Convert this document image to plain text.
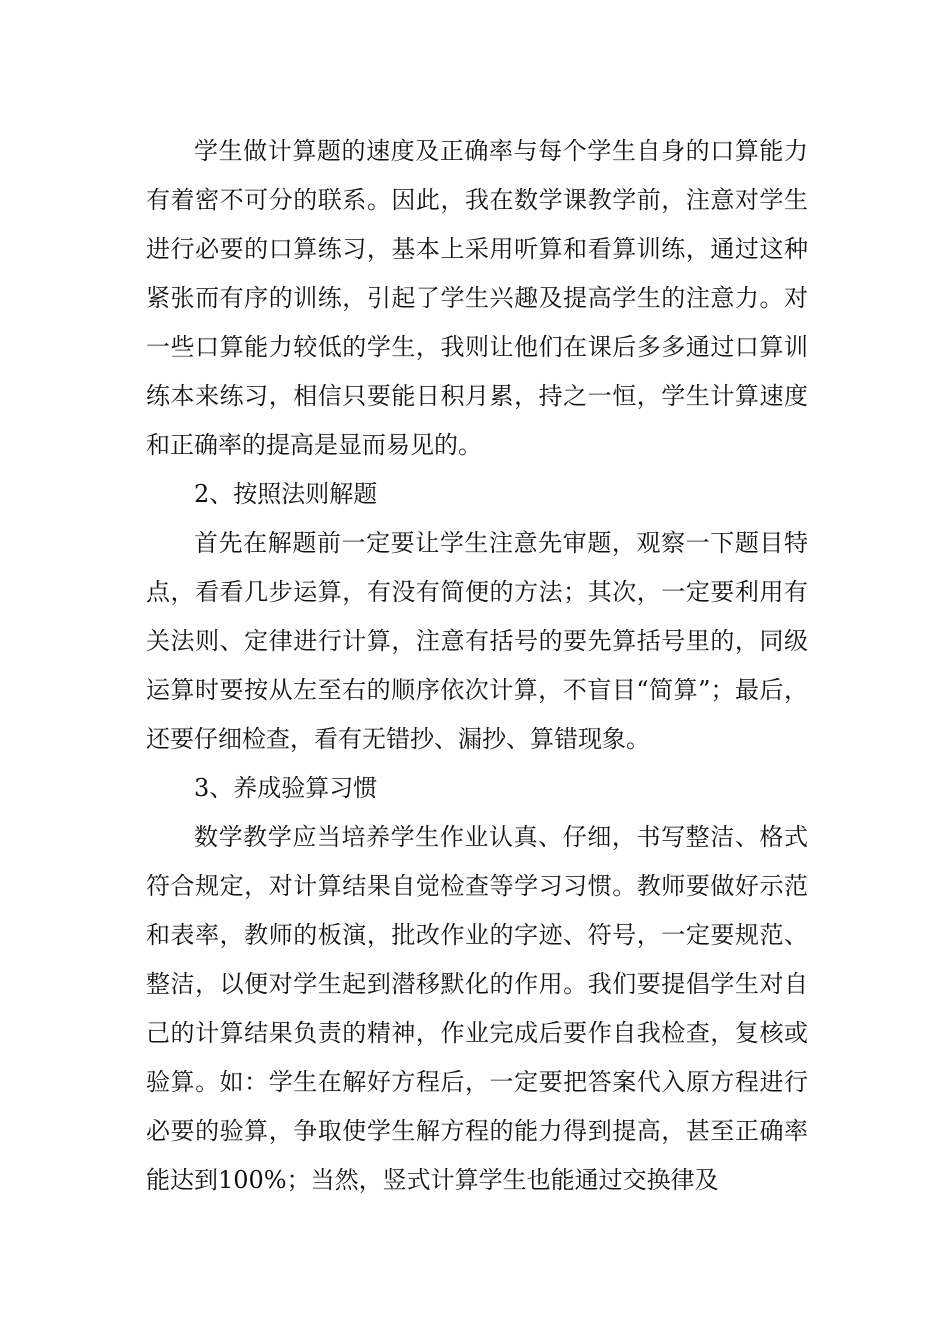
学生做计算题的速度及正确率与每个学生自身的口算能力有着密不可分的联系。因此，我在数学课教学前，注意对学生进行必要的口算练习，基本上采用听算和看算训练，通过这种紧张而有序的训练，引起了学生兴趣及提高学生的注意力。对一些口算能力较低的学生，我则让他们在课后多多通过口算训练本来练习，相信只要能日积月累，持之一恒，学生计算速度和正确率的提高是显而易见的。

2、按照法则解题

首先在解题前一定要让学生注意先审题，观察一下题目特点，看看几步运算，有没有简便的方法；其次，一定要利用有关法则、定律进行计算，注意有括号的要先算括号里的，同级运算时要按从左至右的顺序依次计算，不盲目“简算”；最后，还要仔细检查，看有无错抄、漏抄、算错现象。

3、养成验算习惯

数学教学应当培养学生作业认真、仔细，书写整洁、格式符合规定，对计算结果自觉检查等学习习惯。教师要做好示范和表率，教师的板演，批改作业的字迹、符号，一定要规范、整洁，以便对学生起到潜移默化的作用。我们要提倡学生对自己的计算结果负责的精神，作业完成后要作自我检查，复核或验算。如：学生在解好方程后，一定要把答案代入原方程进行必要的验算，争取使学生解方程的能力得到提高，甚至正确率能达到100%；当然，竖式计算学生也能通过交换律及
